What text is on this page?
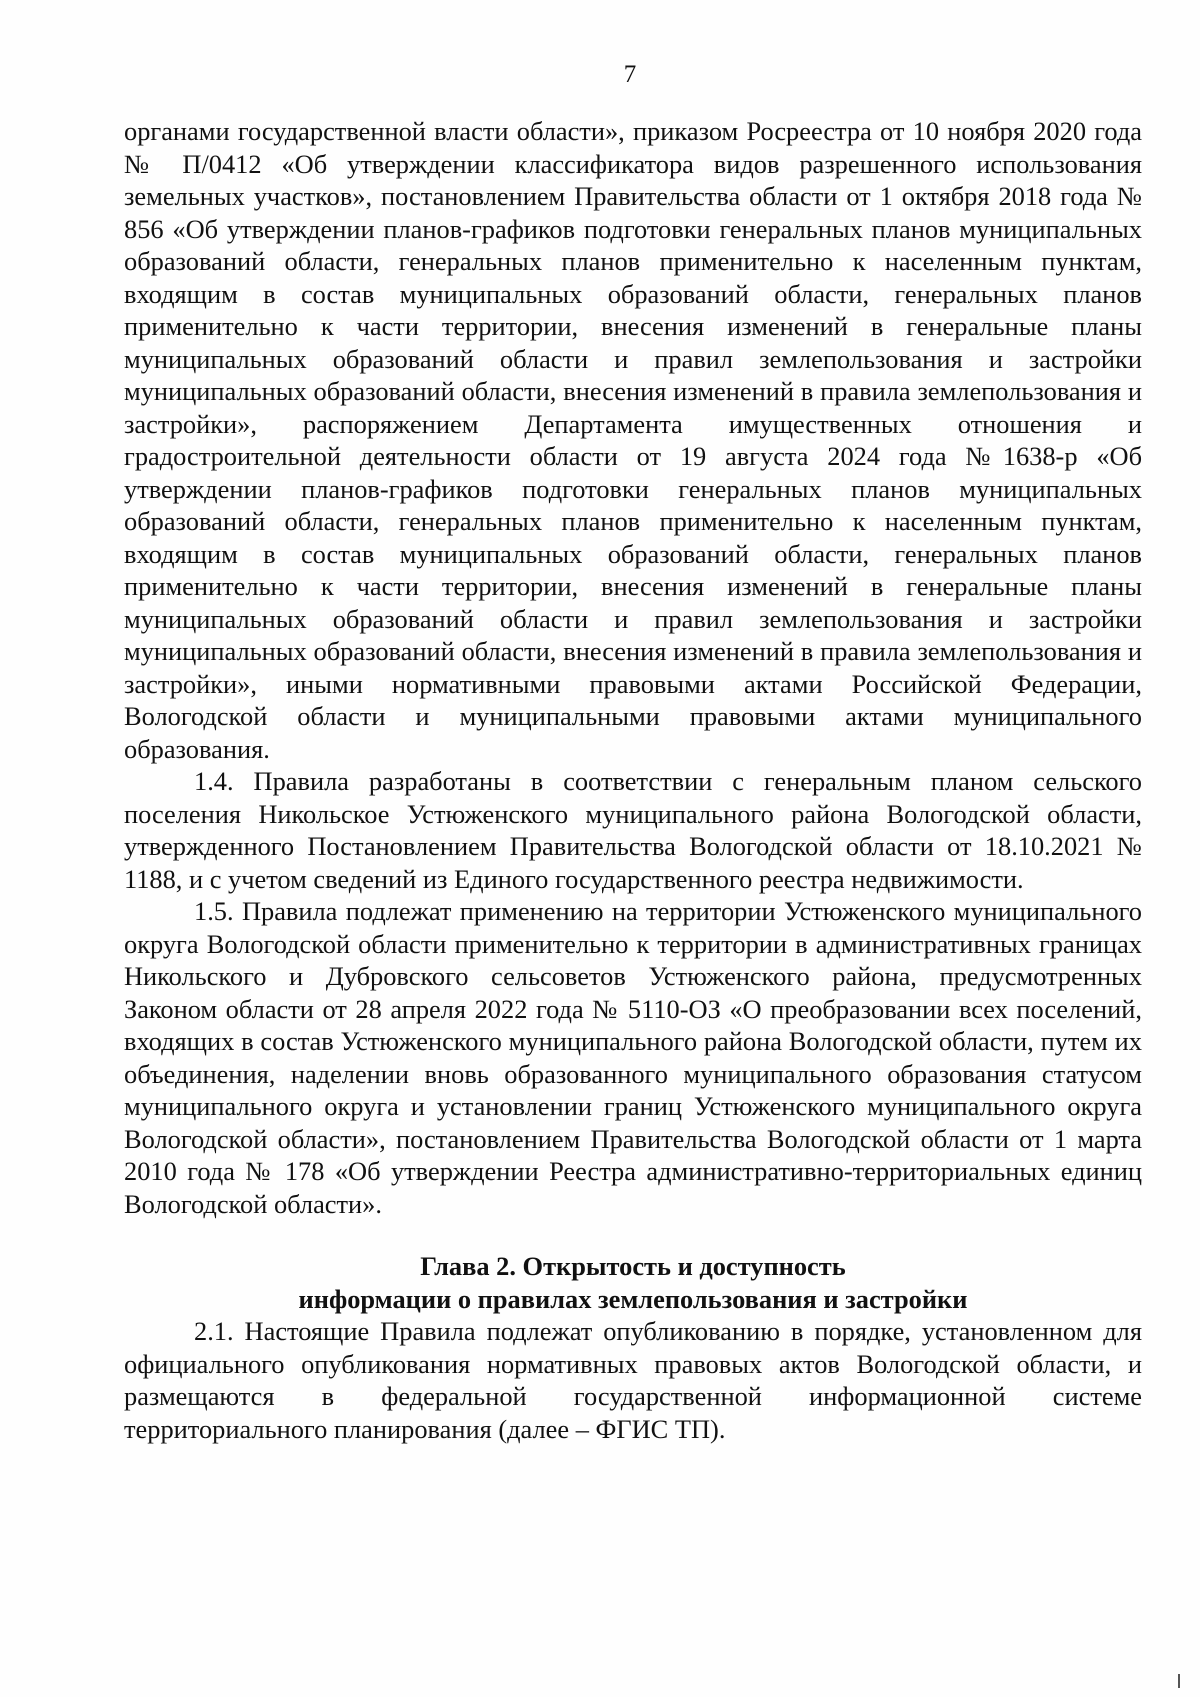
7

органами государственной власти области», приказом Росреестра от 10 ноября 2020 года № П/0412 «Об утверждении классификатора видов разрешенного использования земельных участков», постановлением Правительства области от 1 октября 2018 года № 856 «Об утверждении планов-графиков подготовки генеральных планов муниципальных образований области, генеральных планов применительно к населенным пунктам, входящим в состав муниципальных образований области, генеральных планов применительно к части территории, внесения изменений в генеральные планы муниципальных образований области и правил землепользования и застройки муниципальных образований области, внесения изменений в правила землепользования и застройки», распоряжением Департамента имущественных отношения и градостроительной деятельности области от 19 августа 2024 года №1638-р «Об утверждении планов-графиков подготовки генеральных планов муниципальных образований области, генеральных планов применительно к населенным пунктам, входящим в состав муниципальных образований области, генеральных планов применительно к части территории, внесения изменений в генеральные планы муниципальных образований области и правил землепользования и застройки муниципальных образований области, внесения изменений в правила землепользования и застройки», иными нормативными правовыми актами Российской Федерации, Вологодской области и муниципальными правовыми актами муниципального образования.

1.4. Правила разработаны в соответствии с генеральным планом сельского поселения Никольское Устюженского муниципального района Вологодской области, утвержденного Постановлением Правительства Вологодской области от 18.10.2021 № 1188, и с учетом сведений из Единого государственного реестра недвижимости.

1.5. Правила подлежат применению на территории Устюженского муниципального округа Вологодской области применительно к территории в административных границах Никольского и Дубровского сельсоветов Устюженского района, предусмотренных Законом области от 28 апреля 2022 года № 5110-ОЗ «О преобразовании всех поселений, входящих в состав Устюженского муниципального района Вологодской области, путем их объединения, наделении вновь образованного муниципального образования статусом муниципального округа и установлении границ Устюженского муниципального округа Вологодской области», постановлением Правительства Вологодской области от 1 марта 2010 года № 178 «Об утверждении Реестра административно-территориальных единиц Вологодской области».

Глава 2. Открытость и доступность
информации о правилах землепользования и застройки

2.1. Настоящие Правила подлежат опубликованию в порядке, установленном для официального опубликования нормативных правовых актов Вологодской области, и размещаются в федеральной государственной информационной системе территориального планирования (далее – ФГИС ТП).
